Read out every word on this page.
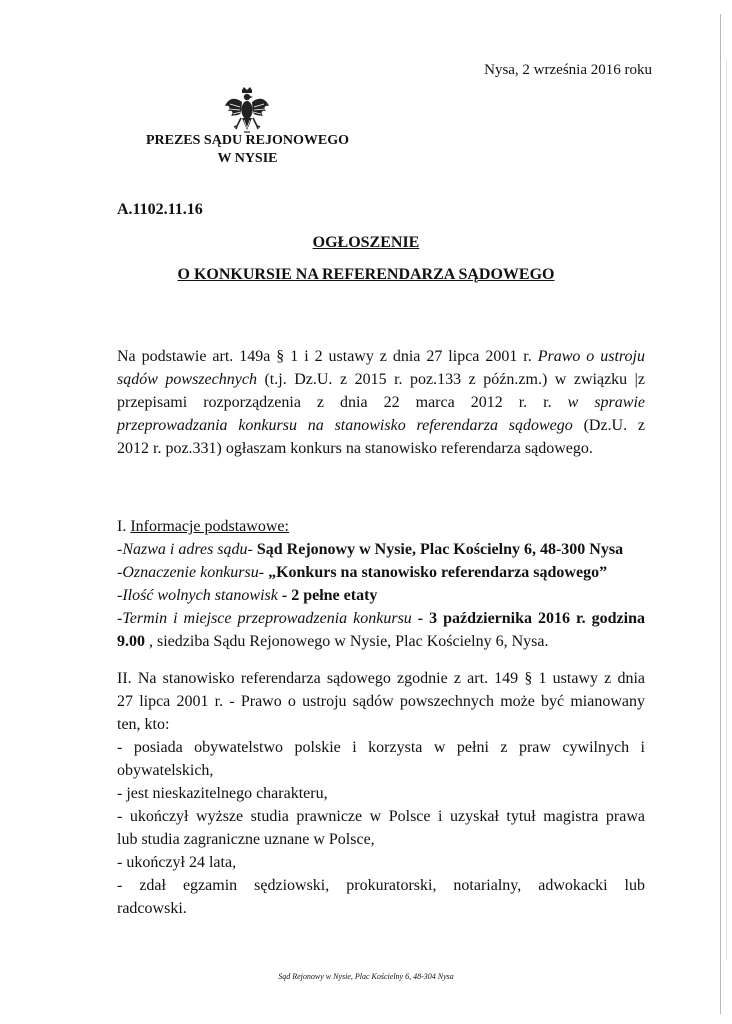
Nysa, 2 września 2016 roku
PREZES SĄDU REJONOWEGO
W NYSIE
A.1102.11.16
OGŁOSZENIE
O KONKURSIE NA REFERENDARZA SĄDOWEGO
Na podstawie art. 149a § 1 i 2 ustawy z dnia 27 lipca 2001 r. Prawo o ustroju
sądów powszechnych (t.j. Dz.U. z 2015 r. poz.133 z późn.zm.) w związku |z
przepisami rozporządzenia z dnia 22 marca 2012 r. r. w sprawie
przeprowadzania konkursu na stanowisko referendarza sądowego (Dz.U. z
2012 r. poz.331) ogłaszam konkurs na stanowisko referendarza sądowego.
I. Informacje podstawowe:
-Nazwa i adres sądu- Sąd Rejonowy w Nysie, Plac Kościelny 6, 48-300 Nysa
-Oznaczenie konkursu- „Konkurs na stanowisko referendarza sądowego”
-Ilość wolnych stanowisk - 2 pełne etaty
-Termin i miejsce przeprowadzenia konkursu - 3 października 2016 r. godzina
9.00 , siedziba Sądu Rejonowego w Nysie, Plac Kościelny 6, Nysa.
II. Na stanowisko referendarza sądowego zgodnie z art. 149 § 1 ustawy z dnia
27 lipca 2001 r. - Prawo o ustroju sądów powszechnych może być mianowany
ten, kto:
- posiada obywatelstwo polskie i korzysta w pełni z praw cywilnych i
obywatelskich,
- jest nieskazitelnego charakteru,
- ukończył wyższe studia prawnicze w Polsce i uzyskał tytuł magistra prawa
lub studia zagraniczne uznane w Polsce,
- ukończył 24 lata,
- zdał egzamin sędziowski, prokuratorski, notarialny, adwokacki lub
radcowski.
Sąd Rejonowy w Nysie, Plac Kościelny 6, 48-304 Nysa
